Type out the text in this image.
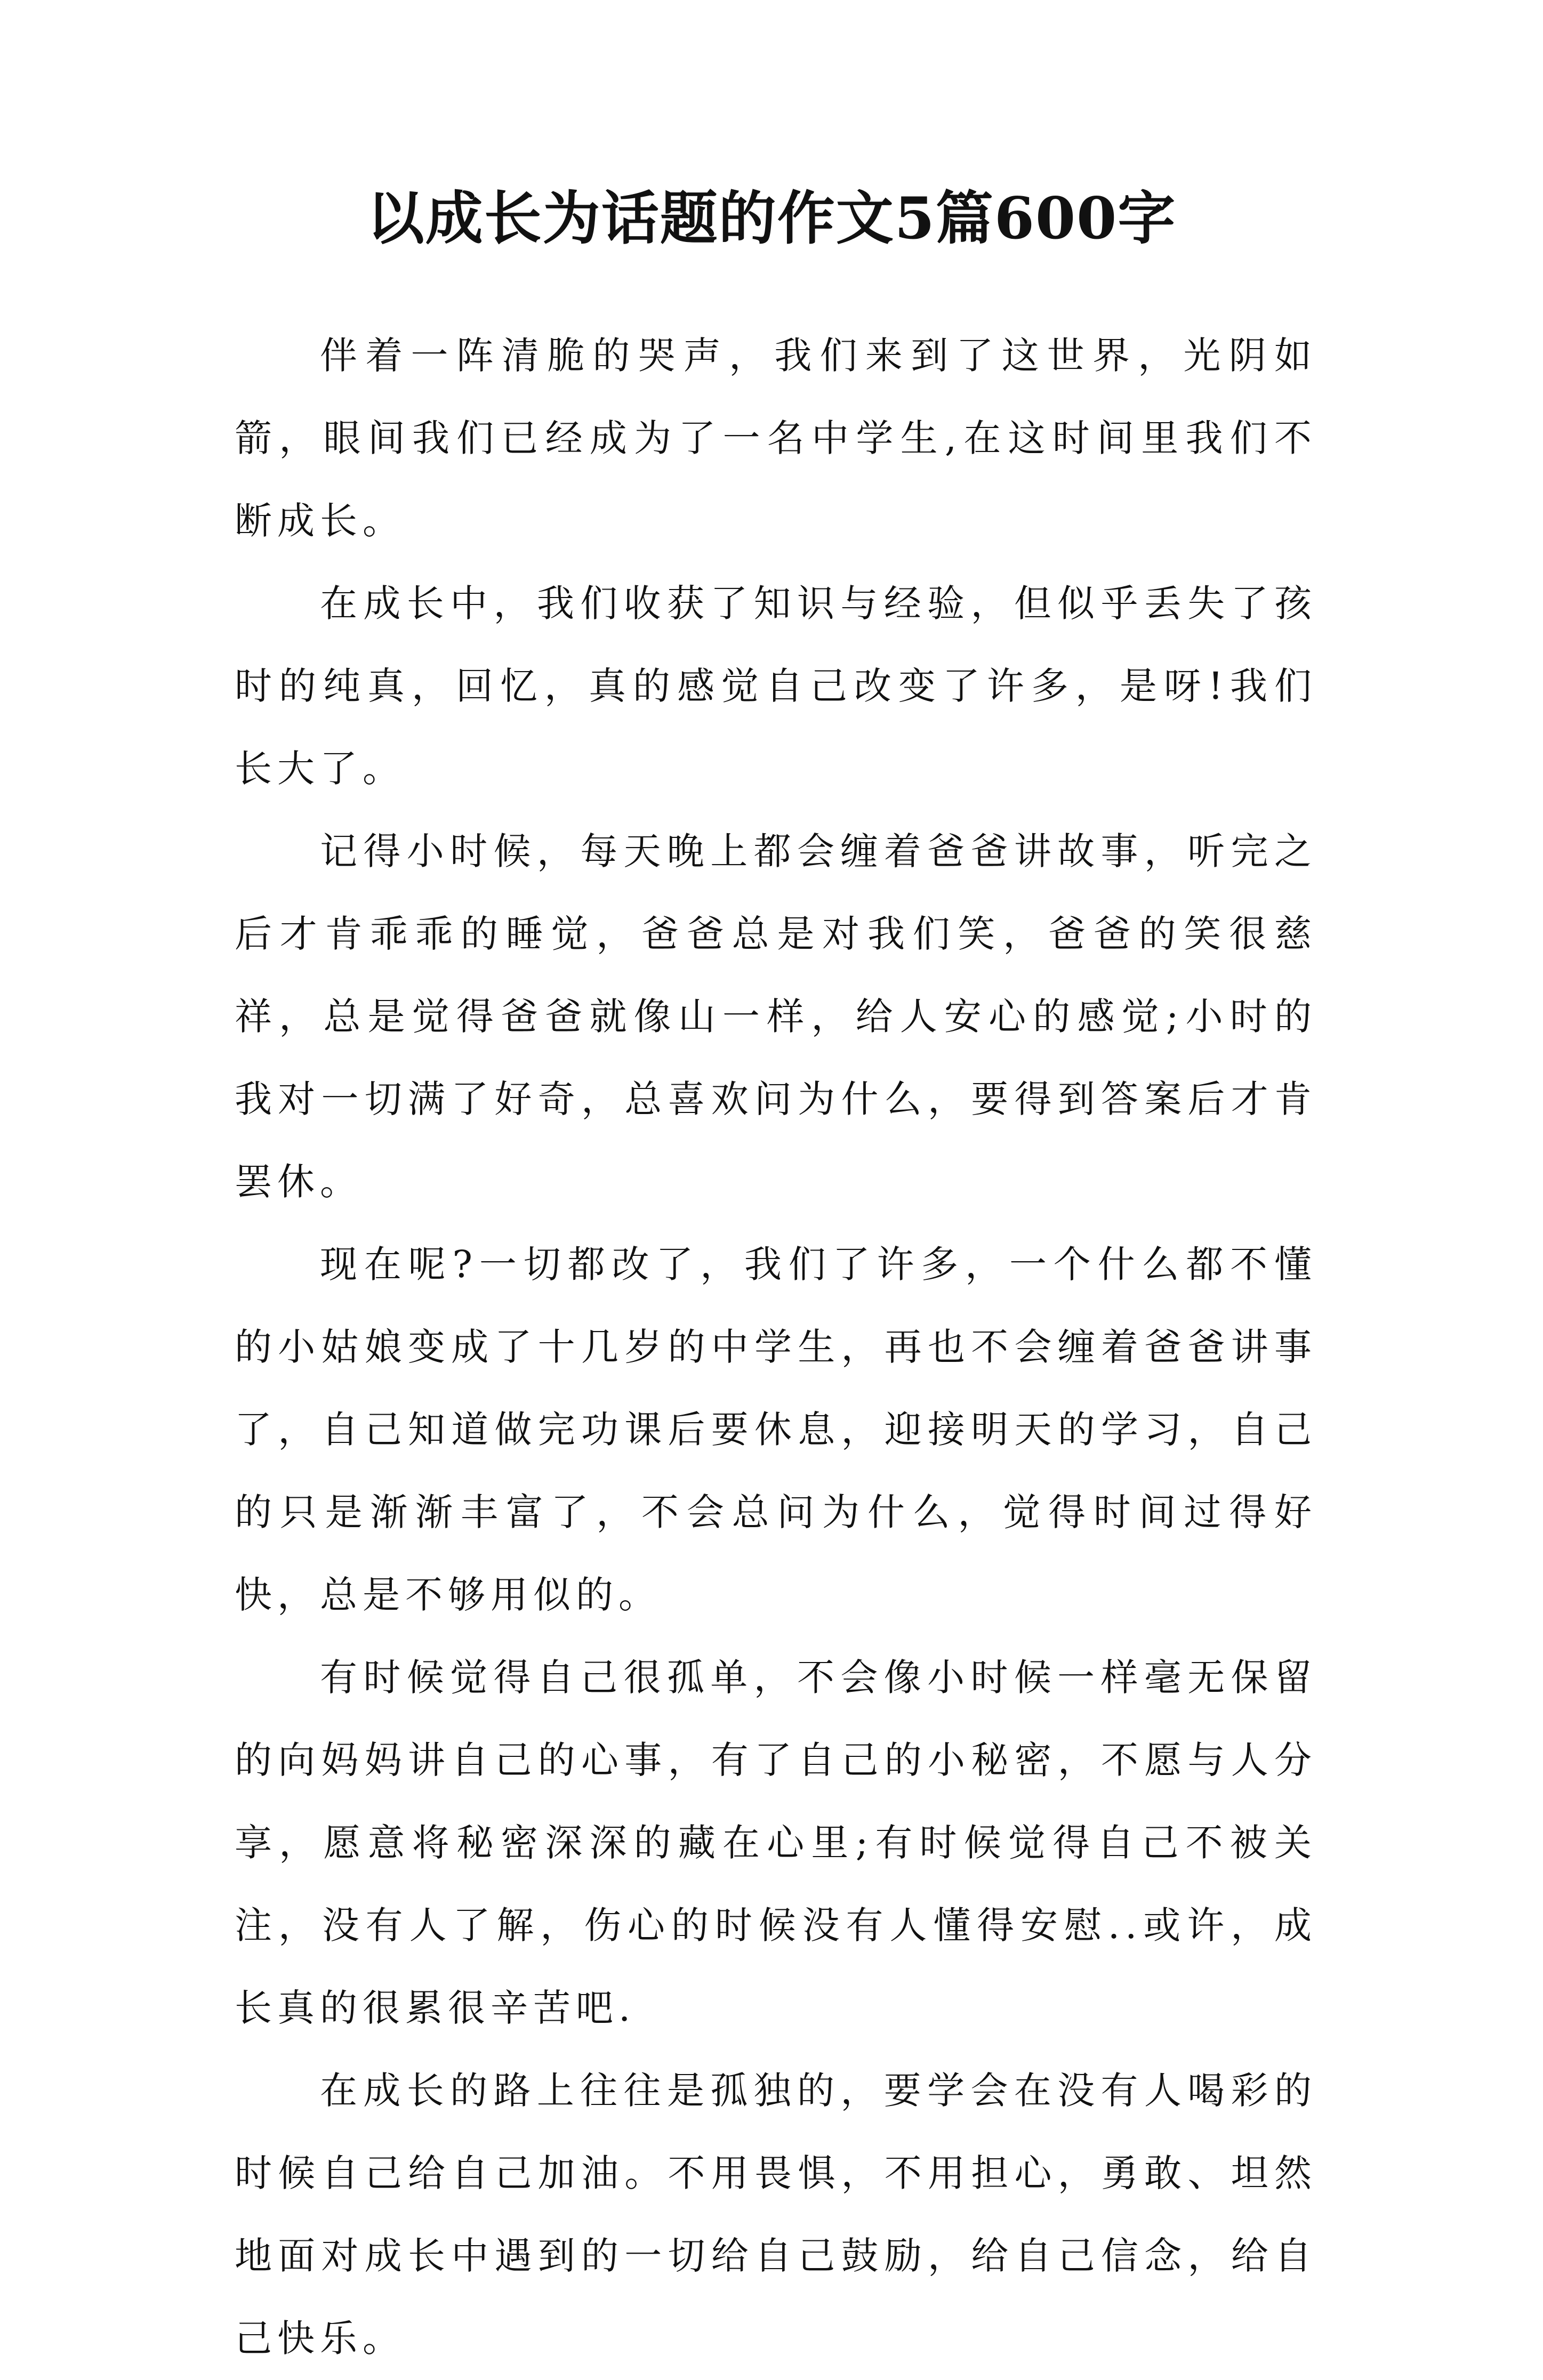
以成长为话题的作文5篇600字

伴着一阵清脆的哭声，我们来到了这世界，光阴如箭，眼间我们已经成为了一名中学生,在这时间里我们不断成长。

在成长中，我们收获了知识与经验，但似乎丢失了孩时的纯真，回忆，真的感觉自己改变了许多，是呀!我们长大了。

记得小时候，每天晚上都会缠着爸爸讲故事，听完之后才肯乖乖的睡觉，爸爸总是对我们笑，爸爸的笑很慈祥，总是觉得爸爸就像山一样，给人安心的感觉;小时的我对一切满了好奇，总喜欢问为什么，要得到答案后才肯罢休。

现在呢?一切都改了，我们了许多，一个什么都不懂的小姑娘变成了十几岁的中学生，再也不会缠着爸爸讲事了，自己知道做完功课后要休息，迎接明天的学习，自己的只是渐渐丰富了，不会总问为什么，觉得时间过得好快，总是不够用似的。

有时候觉得自己很孤单，不会像小时候一样毫无保留的向妈妈讲自己的心事，有了自己的小秘密，不愿与人分享，愿意将秘密深深的藏在心里;有时候觉得自己不被关注，没有人了解，伤心的时候没有人懂得安慰..或许，成长真的很累很辛苦吧.

在成长的路上往往是孤独的，要学会在没有人喝彩的时候自己给自己加油。不用畏惧，不用担心，勇敢、坦然地面对成长中遇到的一切给自己鼓励，给自己信念，给自己快乐。
